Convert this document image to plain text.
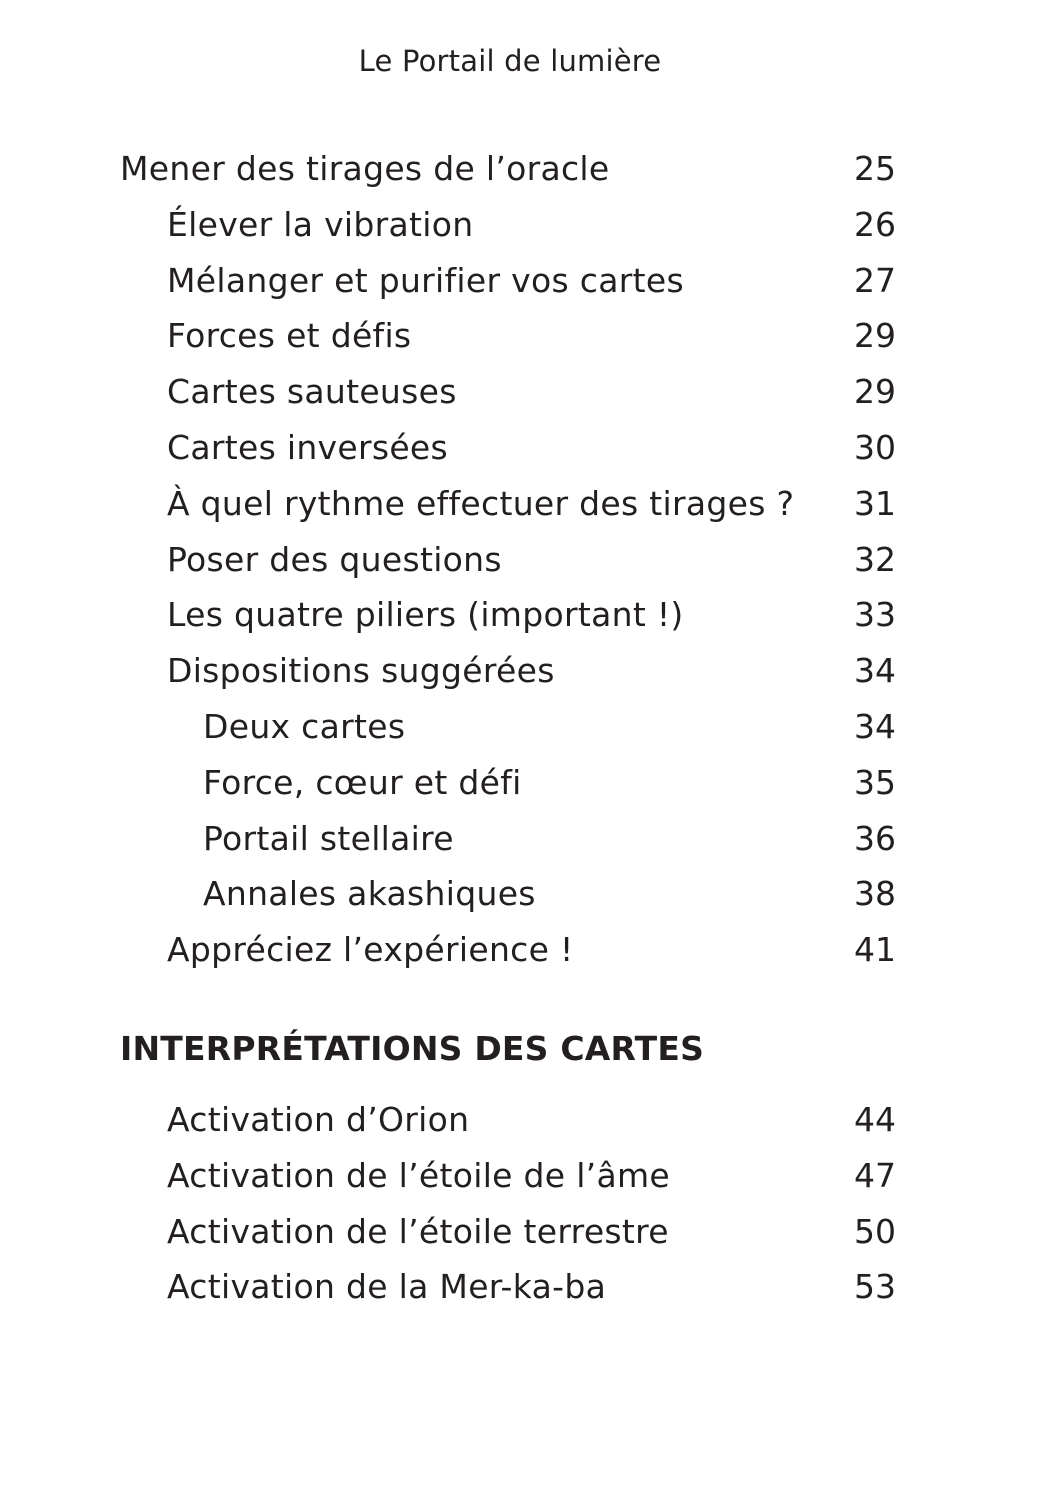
Le Portail de lumière
Mener des tirages de l’oracle	25
Élever la vibration	26
Mélanger et purifier vos cartes	27
Forces et défis	29
Cartes sauteuses	29
Cartes inversées	30
À quel rythme effectuer des tirages ? 31
Poser des questions	32
Les quatre piliers (important !)	33
Dispositions suggérées	34
Deux cartes	34
Force, cœur et défi	35
Portail stellaire	36
Annales akashiques	38
Appréciez l’expérience !	41
INTERPRÉTATIONS DES CARTES
Activation d’Orion	44
Activation de l’étoile de l’âme	47
Activation de l’étoile terrestre	50
Activation de la Mer-ka-ba	53
